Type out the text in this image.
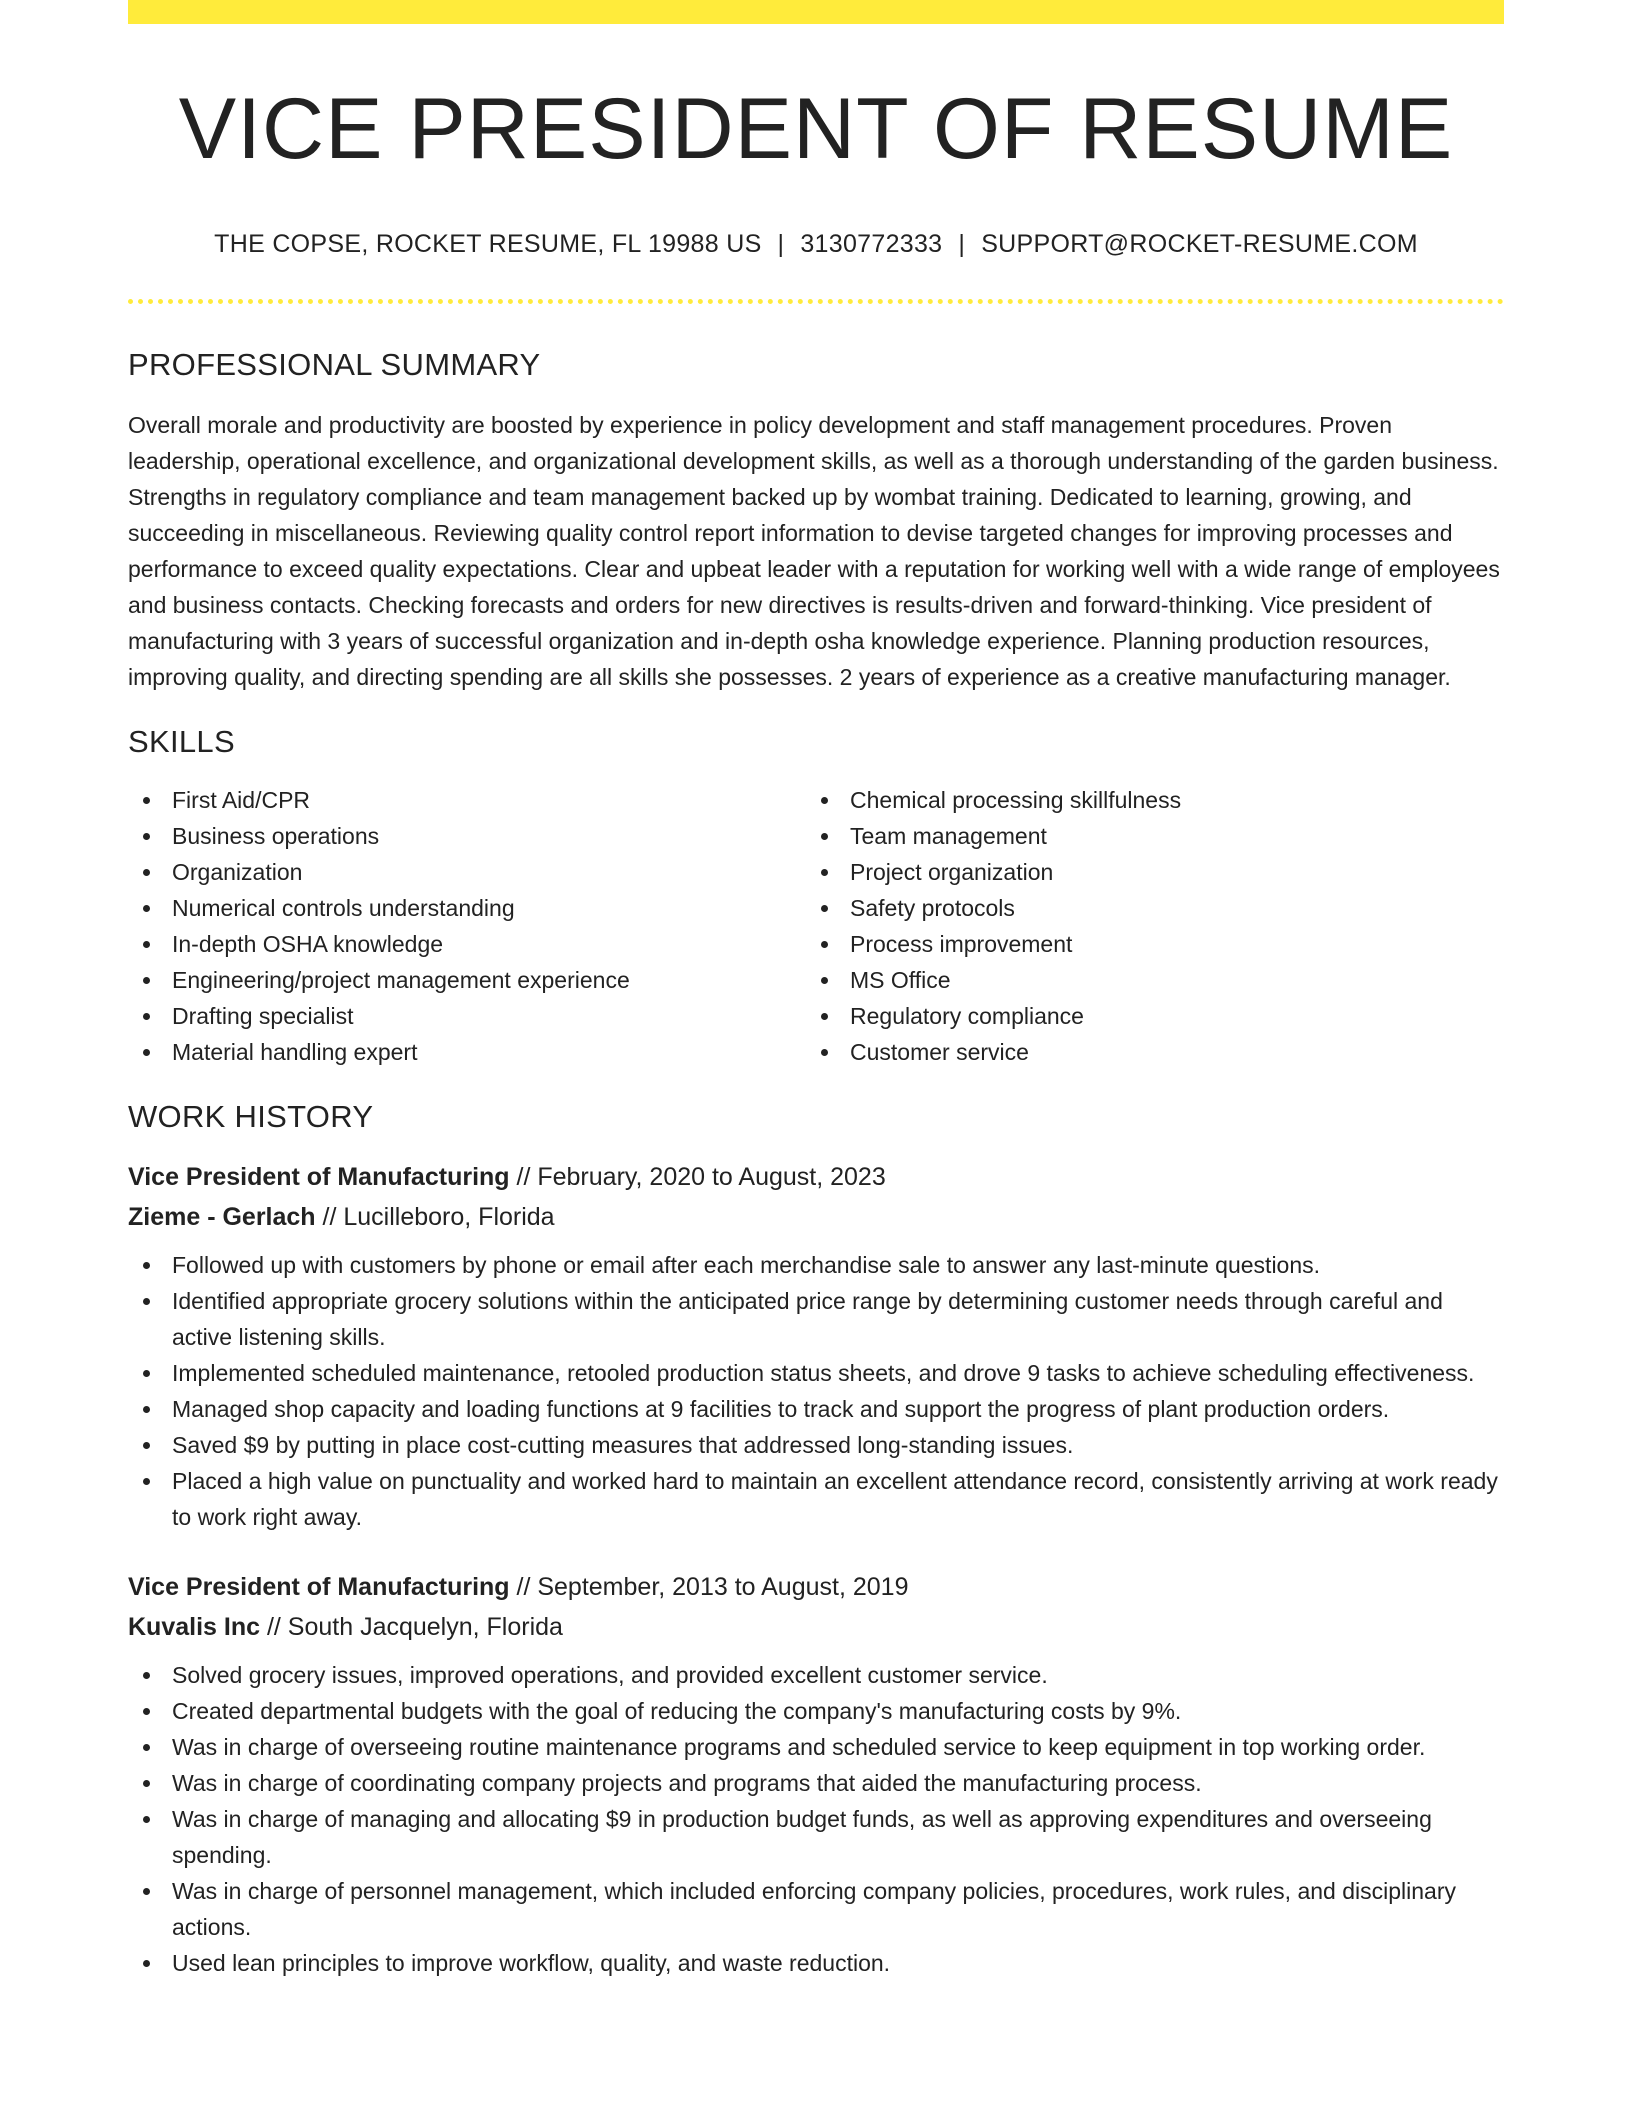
VICE PRESIDENT OF RESUME
THE COPSE, ROCKET RESUME, FL 19988 US | 3130772333 | SUPPORT@ROCKET-RESUME.COM
PROFESSIONAL SUMMARY

Overall morale and productivity are boosted by experience in policy development and staff management procedures. Proven leadership, operational excellence, and organizational development skills, as well as a thorough understanding of the garden business. Strengths in regulatory compliance and team management backed up by wombat training. Dedicated to learning, growing, and succeeding in miscellaneous. Reviewing quality control report information to devise targeted changes for improving processes and performance to exceed quality expectations. Clear and upbeat leader with a reputation for working well with a wide range of employees and business contacts. Checking forecasts and orders for new directives is results-driven and forward-thinking. Vice president of manufacturing with 3 years of successful organization and in-depth osha knowledge experience. Planning production resources, improving quality, and directing spending are all skills she possesses. 2 years of experience as a creative manufacturing manager.

SKILLS
First Aid/CPR
Business operations
Organization
Numerical controls understanding
In-depth OSHA knowledge
Engineering/project management experience
Drafting specialist
Material handling expert
Chemical processing skillfulness
Team management
Project organization
Safety protocols
Process improvement
MS Office
Regulatory compliance
Customer service
WORK HISTORY
Vice President of Manufacturing // February, 2020 to August, 2023
Zieme - Gerlach // Lucilleboro, Florida
Followed up with customers by phone or email after each merchandise sale to answer any last-minute questions.
Identified appropriate grocery solutions within the anticipated price range by determining customer needs through careful and active listening skills.
Implemented scheduled maintenance, retooled production status sheets, and drove 9 tasks to achieve scheduling effectiveness.
Managed shop capacity and loading functions at 9 facilities to track and support the progress of plant production orders.
Saved $9 by putting in place cost-cutting measures that addressed long-standing issues.
Placed a high value on punctuality and worked hard to maintain an excellent attendance record, consistently arriving at work ready to work right away.
Vice President of Manufacturing // September, 2013 to August, 2019
Kuvalis Inc // South Jacquelyn, Florida
Solved grocery issues, improved operations, and provided excellent customer service.
Created departmental budgets with the goal of reducing the company's manufacturing costs by 9%.
Was in charge of overseeing routine maintenance programs and scheduled service to keep equipment in top working order.
Was in charge of coordinating company projects and programs that aided the manufacturing process.
Was in charge of managing and allocating $9 in production budget funds, as well as approving expenditures and overseeing spending.
Was in charge of personnel management, which included enforcing company policies, procedures, work rules, and disciplinary actions.
Used lean principles to improve workflow, quality, and waste reduction.
